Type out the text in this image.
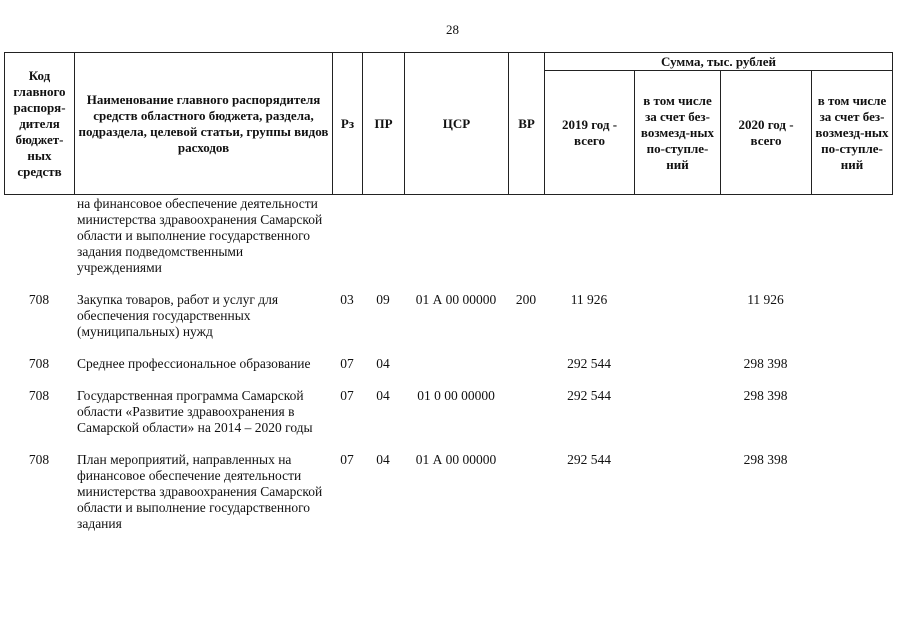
28
Код главного распоря-дителя бюджет-ных средств	Наименование главного распорядителя средств областного бюджета, раздела, подраздела, целевой статьи, группы видов расходов	Рз	ПР	ЦСР	ВР	Сумма, тыс. рублей			
						2019 год - всего	в том числе за счет без-возмезд-ных по-ступле-ний	2020 год - всего	в том числе за счет без-возмезд-ных по-ступле-ний
	на финансовое обеспечение деятельности министерства здравоохранения Самарской области и выполнение государственного задания подведомственными учреждениями								
708	Закупка товаров, работ и услуг для обеспечения государственных (муниципальных) нужд	03	09	01 А 00 00000	200	11 926		11 926	
708	Среднее профессиональное образование	07	04			292 544		298 398	
708	Государственная программа Самарской области «Развитие здравоохранения в Самарской области» на 2014 – 2020 годы	07	04	01 0 00 00000		292 544		298 398	
708	План мероприятий, направленных на финансовое обеспечение деятельности министерства здравоохранения Самарской области и выполнение государственного задания	07	04	01 А 00 00000		292 544		298 398	
